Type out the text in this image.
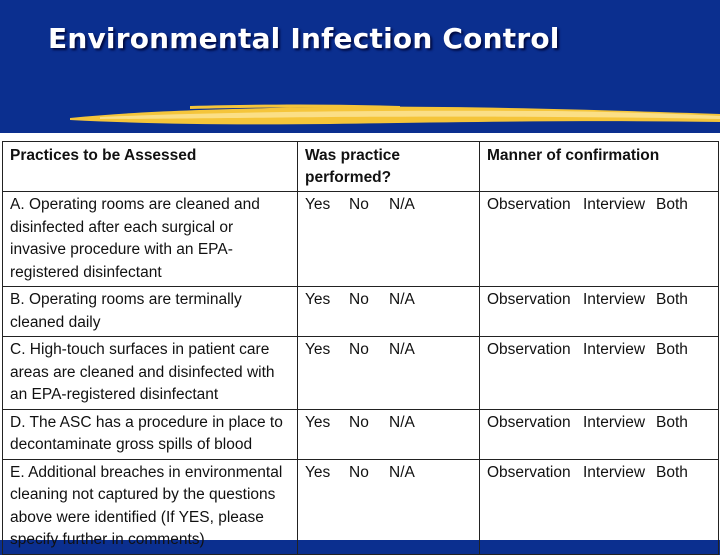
Environmental Infection Control
Practices to be Assessed	Was practice performed?	Manner of confirmation
A. Operating rooms are cleaned and disinfected after each surgical or invasive procedure with an EPA-registered disinfectant	Yes No N/A	Observation Interview Both
B. Operating rooms are terminally cleaned daily	Yes No N/A	Observation Interview Both
C. High-touch surfaces in patient care areas are cleaned and disinfected with an EPA-registered disinfectant	Yes No N/A	Observation Interview Both
D. The ASC has a procedure in place to decontaminate gross spills of blood	Yes No N/A	Observation Interview Both
E. Additional breaches in environmental cleaning not captured by the questions above were identified (If YES, please specify further in comments)	Yes No N/A	Observation Interview Both
